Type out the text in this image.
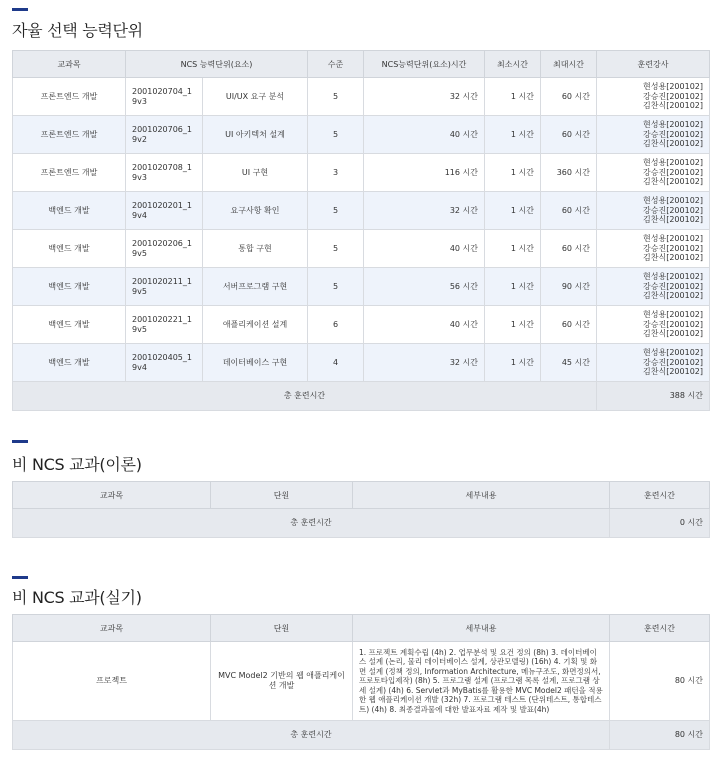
자율 선택 능력단위
교과목	NCS 능력단위(요소)		수준	NCS능력단위(요소)시간	최소시간	최대시간	훈련강사
프론트엔드 개발	2001020704_19v3	UI/UX 요구 분석	5	32 시간	1 시간	60 시간	현성용[200102]
강승진[200102]
김찬식[200102]

프론트엔드 개발	2001020706_19v2	UI 아키텍처 설계	5	40 시간	1 시간	60 시간	현성용[200102]
강승진[200102]
김찬식[200102]

프론트엔드 개발	2001020708_19v3	UI 구현	3	116 시간	1 시간	360 시간	현성용[200102]
강승진[200102]
김찬식[200102]

백엔드 개발	2001020201_19v4	요구사항 확인	5	32 시간	1 시간	60 시간	현성용[200102]
강승진[200102]
김찬식[200102]

백엔드 개발	2001020206_19v5	통합 구현	5	40 시간	1 시간	60 시간	현성용[200102]
강승진[200102]
김찬식[200102]

백엔드 개발	2001020211_19v5	서버프로그램 구현	5	56 시간	1 시간	90 시간	현성용[200102]
강승진[200102]
김찬식[200102]

백엔드 개발	2001020221_19v5	애플리케이션 설계	6	40 시간	1 시간	60 시간	현성용[200102]
강승진[200102]
김찬식[200102]

백엔드 개발	2001020405_19v4	데이터베이스 구현	4	32 시간	1 시간	45 시간	현성용[200102]
강승진[200102]
김찬식[200102]

총 훈련시간							388 시간
비 NCS 교과(이론)
교과목	단원	세부내용	훈련시간
총 훈련시간			0 시간
비 NCS 교과(실기)
교과목	단원	세부내용	훈련시간
프로젝트	MVC Model2 기반의 웹 애플리케이션 개발	1. 프로젝트 계획수립 (4h) 2. 업무분석 및 요건 정의 (8h) 3. 데이터베이스 설계 (논리, 물리 데이터베이스 설계, 상관모델링) (16h) 4. 기획 및 화면 설계 (정책 정의, Information Architecture, 메뉴구조도, 화면정의서, 프로토타입제작) (8h) 5. 프로그램 설계 (프로그램 목록 설계, 프로그램 상세 설계) (4h) 6. Servlet과 MyBatis를 활용한 MVC Model2 패턴을 적용한 웹 애플리케이션 개발 (32h) 7. 프로그램 테스트 (단위테스트, 통합테스트) (4h) 8. 최종결과물에 대한 발표자료 제작 및 발표(4h)	80 시간
총 훈련시간			80 시간
